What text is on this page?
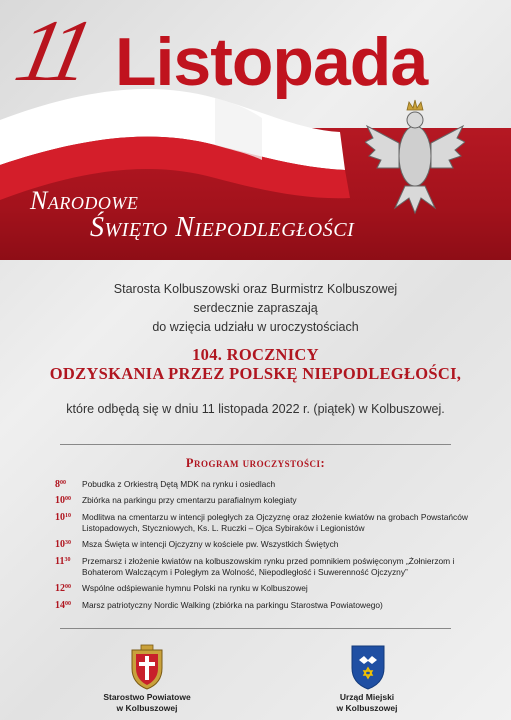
11 Listopada
Narodowe
Święto Niepodległości
Starosta Kolbuszowski oraz Burmistrz Kolbuszowej
serdecznie zapraszają
do wzięcia udziału w uroczystościach
104. ROCZNICY
ODZYSKANIA PRZEZ POLSKĘ NIEPODLEGŁOŚCI,
które odbędą się w dniu 11 listopada 2022 r. (piątek) w Kolbuszowej.
Program uroczystości:
$8^{00}$	Pobudka z Orkiestrą Dętą MDK na rynku i osiedlach
$10^{00}$	Zbiórka na parkingu przy cmentarzu parafialnym kolegiaty
$10^{10}$	Modlitwa na cmentarzu w intencji poległych za Ojczyznę oraz złożenie kwiatów na grobach Powstańców Listopadowych, Styczniowych, Ks. L. Ruczki – Ojca Sybiraków i Legionistów
$10^{30}$	Msza Święta w intencji Ojczyzny w kościele pw. Wszystkich Świętych
$11^{30}$	Przemarsz i złożenie kwiatów na kolbuszowskim rynku przed pomnikiem poświęconym „Żołnierzom i Bohaterom Walczącym i Poległym za Wolność, Niepodległość i Suwerenność Ojczyzny”
$12^{00}$	Wspólne odśpiewanie hymnu Polski na rynku w Kolbuszowej
$14^{00}$	Marsz patriotyczny Nordic Walking (zbiórka na parkingu Starostwa Powiatowego)
Starostwo Powiatowe
w Kolbuszowej
Urząd Miejski
w Kolbuszowej
